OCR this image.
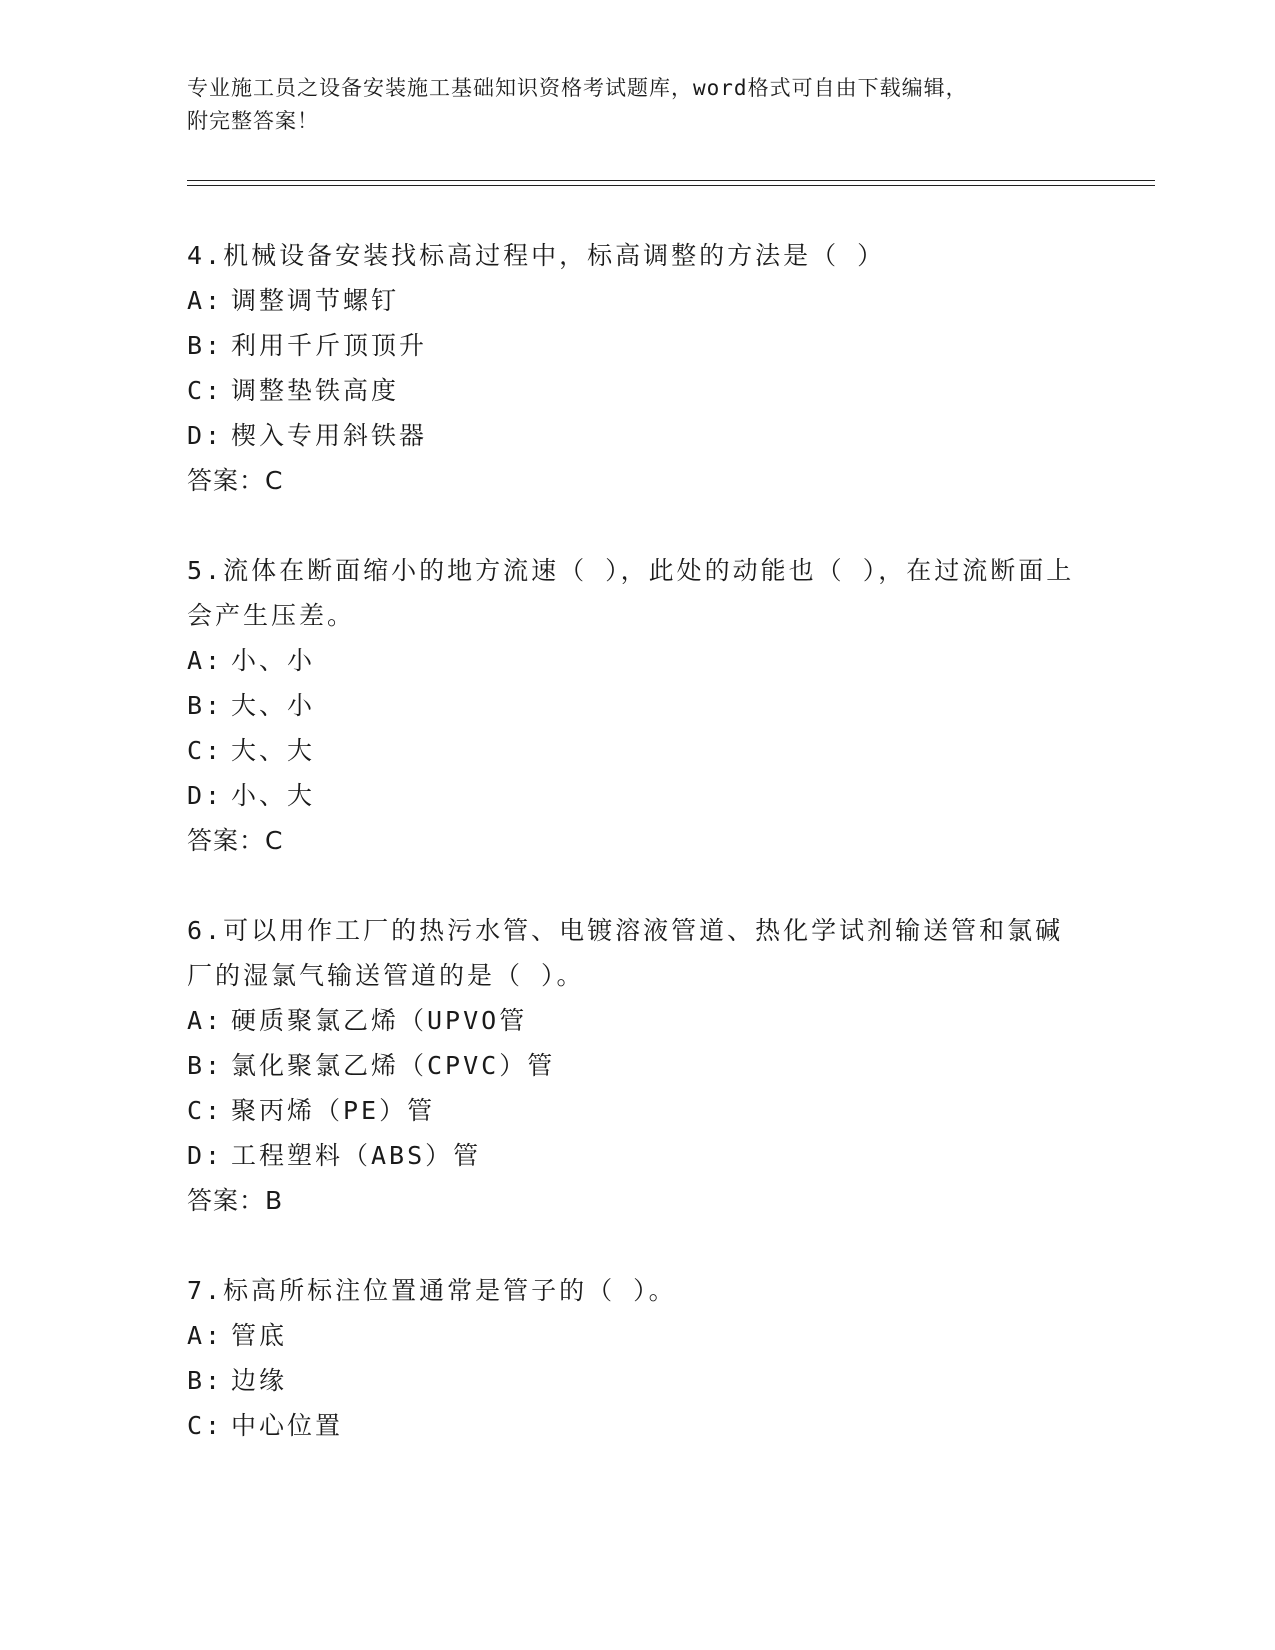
专业施工员之设备安装施工基础知识资格考试题库，word格式可自由下载编辑，
附完整答案！
4.机械设备安装找标高过程中，标高调整的方法是（ ）
A: 调整调节螺钉
B: 利用千斤顶顶升
C: 调整垫铁高度
D: 楔入专用斜铁器
答案：C
5.流体在断面缩小的地方流速（ ），此处的动能也（ ），在过流断面上会产生压差。
A: 小、小
B: 大、小
C: 大、大
D: 小、大
答案：C
6.可以用作工厂的热污水管、电镀溶液管道、热化学试剂输送管和氯碱厂的湿氯气输送管道的是（ ）。
A: 硬质聚氯乙烯（UPVO管
B: 氯化聚氯乙烯（CPVC）管
C: 聚丙烯（PE）管
D: 工程塑料（ABS）管
答案：B
7.标高所标注位置通常是管子的（ ）。
A: 管底
B: 边缘
C: 中心位置
